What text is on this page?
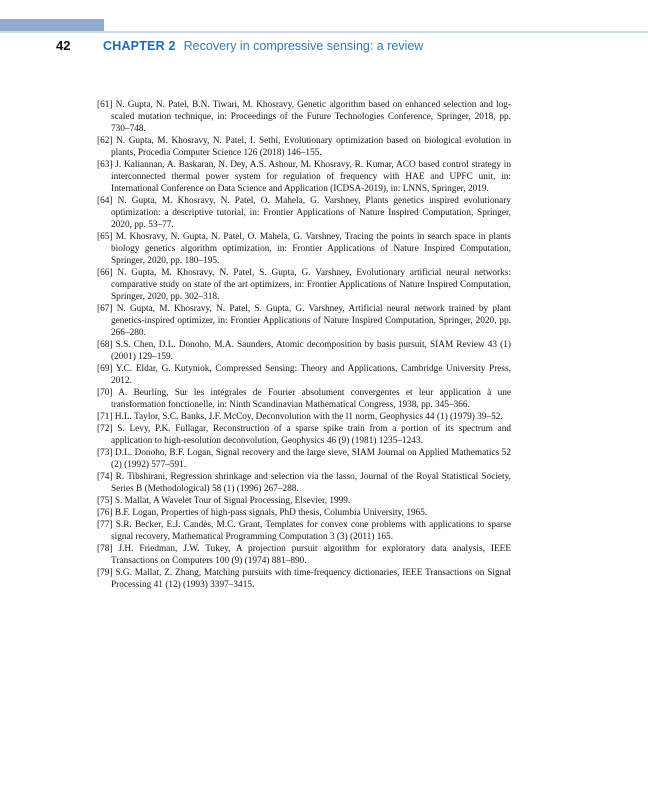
42	CHAPTER 2 Recovery in compressive sensing: a review

[61] N. Gupta, N. Patel, B.N. Tiwari, M. Khosravy, Genetic algorithm based on enhanced selection and log-scaled mutation technique, in: Proceedings of the Future Technologies Conference, Springer, 2018, pp. 730–748.

[62] N. Gupta, M. Khosravy, N. Patel, I. Sethi, Evolutionary optimization based on biological evolution in plants, Procedia Computer Science 126 (2018) 146–155.

[63] J. Kaliannan, A. Baskaran, N. Dey, A.S. Ashour, M. Khosravy, R. Kumar, ACO based control strategy in interconnected thermal power system for regulation of frequency with HAE and UPFC unit, in: International Conference on Data Science and Application (ICDSA-2019), in: LNNS, Springer, 2019.

[64] N. Gupta, M. Khosravy, N. Patel, O. Mahela, G. Varshney, Plants genetics inspired evolutionary optimization: a descriptive tutorial, in: Frontier Applications of Nature Inspired Computation, Springer, 2020, pp. 53–77.

[65] M. Khosravy, N. Gupta, N. Patel, O. Mahela, G. Varshney, Tracing the points in search space in plants biology genetics algorithm optimization, in: Frontier Applications of Nature Inspired Computation, Springer, 2020, pp. 180–195.

[66] N. Gupta, M. Khosravy, N. Patel, S. Gupta, G. Varshney, Evolutionary artificial neural networks: comparative study on state of the art optimizers, in: Frontier Applications of Nature Inspired Computation, Springer, 2020, pp. 302–318.

[67] N. Gupta, M. Khosravy, N. Patel, S. Gupta, G. Varshney, Artificial neural network trained by plant genetics-inspired optimizer, in: Frontier Applications of Nature Inspired Computation, Springer, 2020, pp. 266–280.

[68] S.S. Chen, D.L. Donoho, M.A. Saunders, Atomic decomposition by basis pursuit, SIAM Review 43 (1) (2001) 129–159.

[69] Y.C. Eldar, G. Kutyniok, Compressed Sensing: Theory and Applications, Cambridge University Press, 2012.

[70] A. Beurling, Sur les intégrales de Fourier absolument convergentes et leur application à une transformation fonctionelle, in: Ninth Scandinavian Mathematical Congress, 1938, pp. 345–366.

[71] H.L. Taylor, S.C. Banks, J.F. McCoy, Deconvolution with the l1 norm, Geophysics 44 (1) (1979) 39–52.

[72] S. Levy, P.K. Fullagar, Reconstruction of a sparse spike train from a portion of its spectrum and application to high-resolution deconvolution, Geophysics 46 (9) (1981) 1235–1243.

[73] D.L. Donoho, B.F. Logan, Signal recovery and the large sieve, SIAM Journal on Applied Mathematics 52 (2) (1992) 577–591.

[74] R. Tibshirani, Regression shrinkage and selection via the lasso, Journal of the Royal Statistical Society, Series B (Methodological) 58 (1) (1996) 267–288.

[75] S. Mallat, A Wavelet Tour of Signal Processing, Elsevier, 1999.

[76] B.F. Logan, Properties of high-pass signals, PhD thesis, Columbia University, 1965.

[77] S.R. Becker, E.J. Candès, M.C. Grant, Templates for convex cone problems with applications to sparse signal recovery, Mathematical Programming Computation 3 (3) (2011) 165.

[78] J.H. Friedman, J.W. Tukey, A projection pursuit algorithm for exploratory data analysis, IEEE Transactions on Computers 100 (9) (1974) 881–890.

[79] S.G. Mallat, Z. Zhang, Matching pursuits with time-frequency dictionaries, IEEE Transactions on Signal Processing 41 (12) (1993) 3397–3415.
